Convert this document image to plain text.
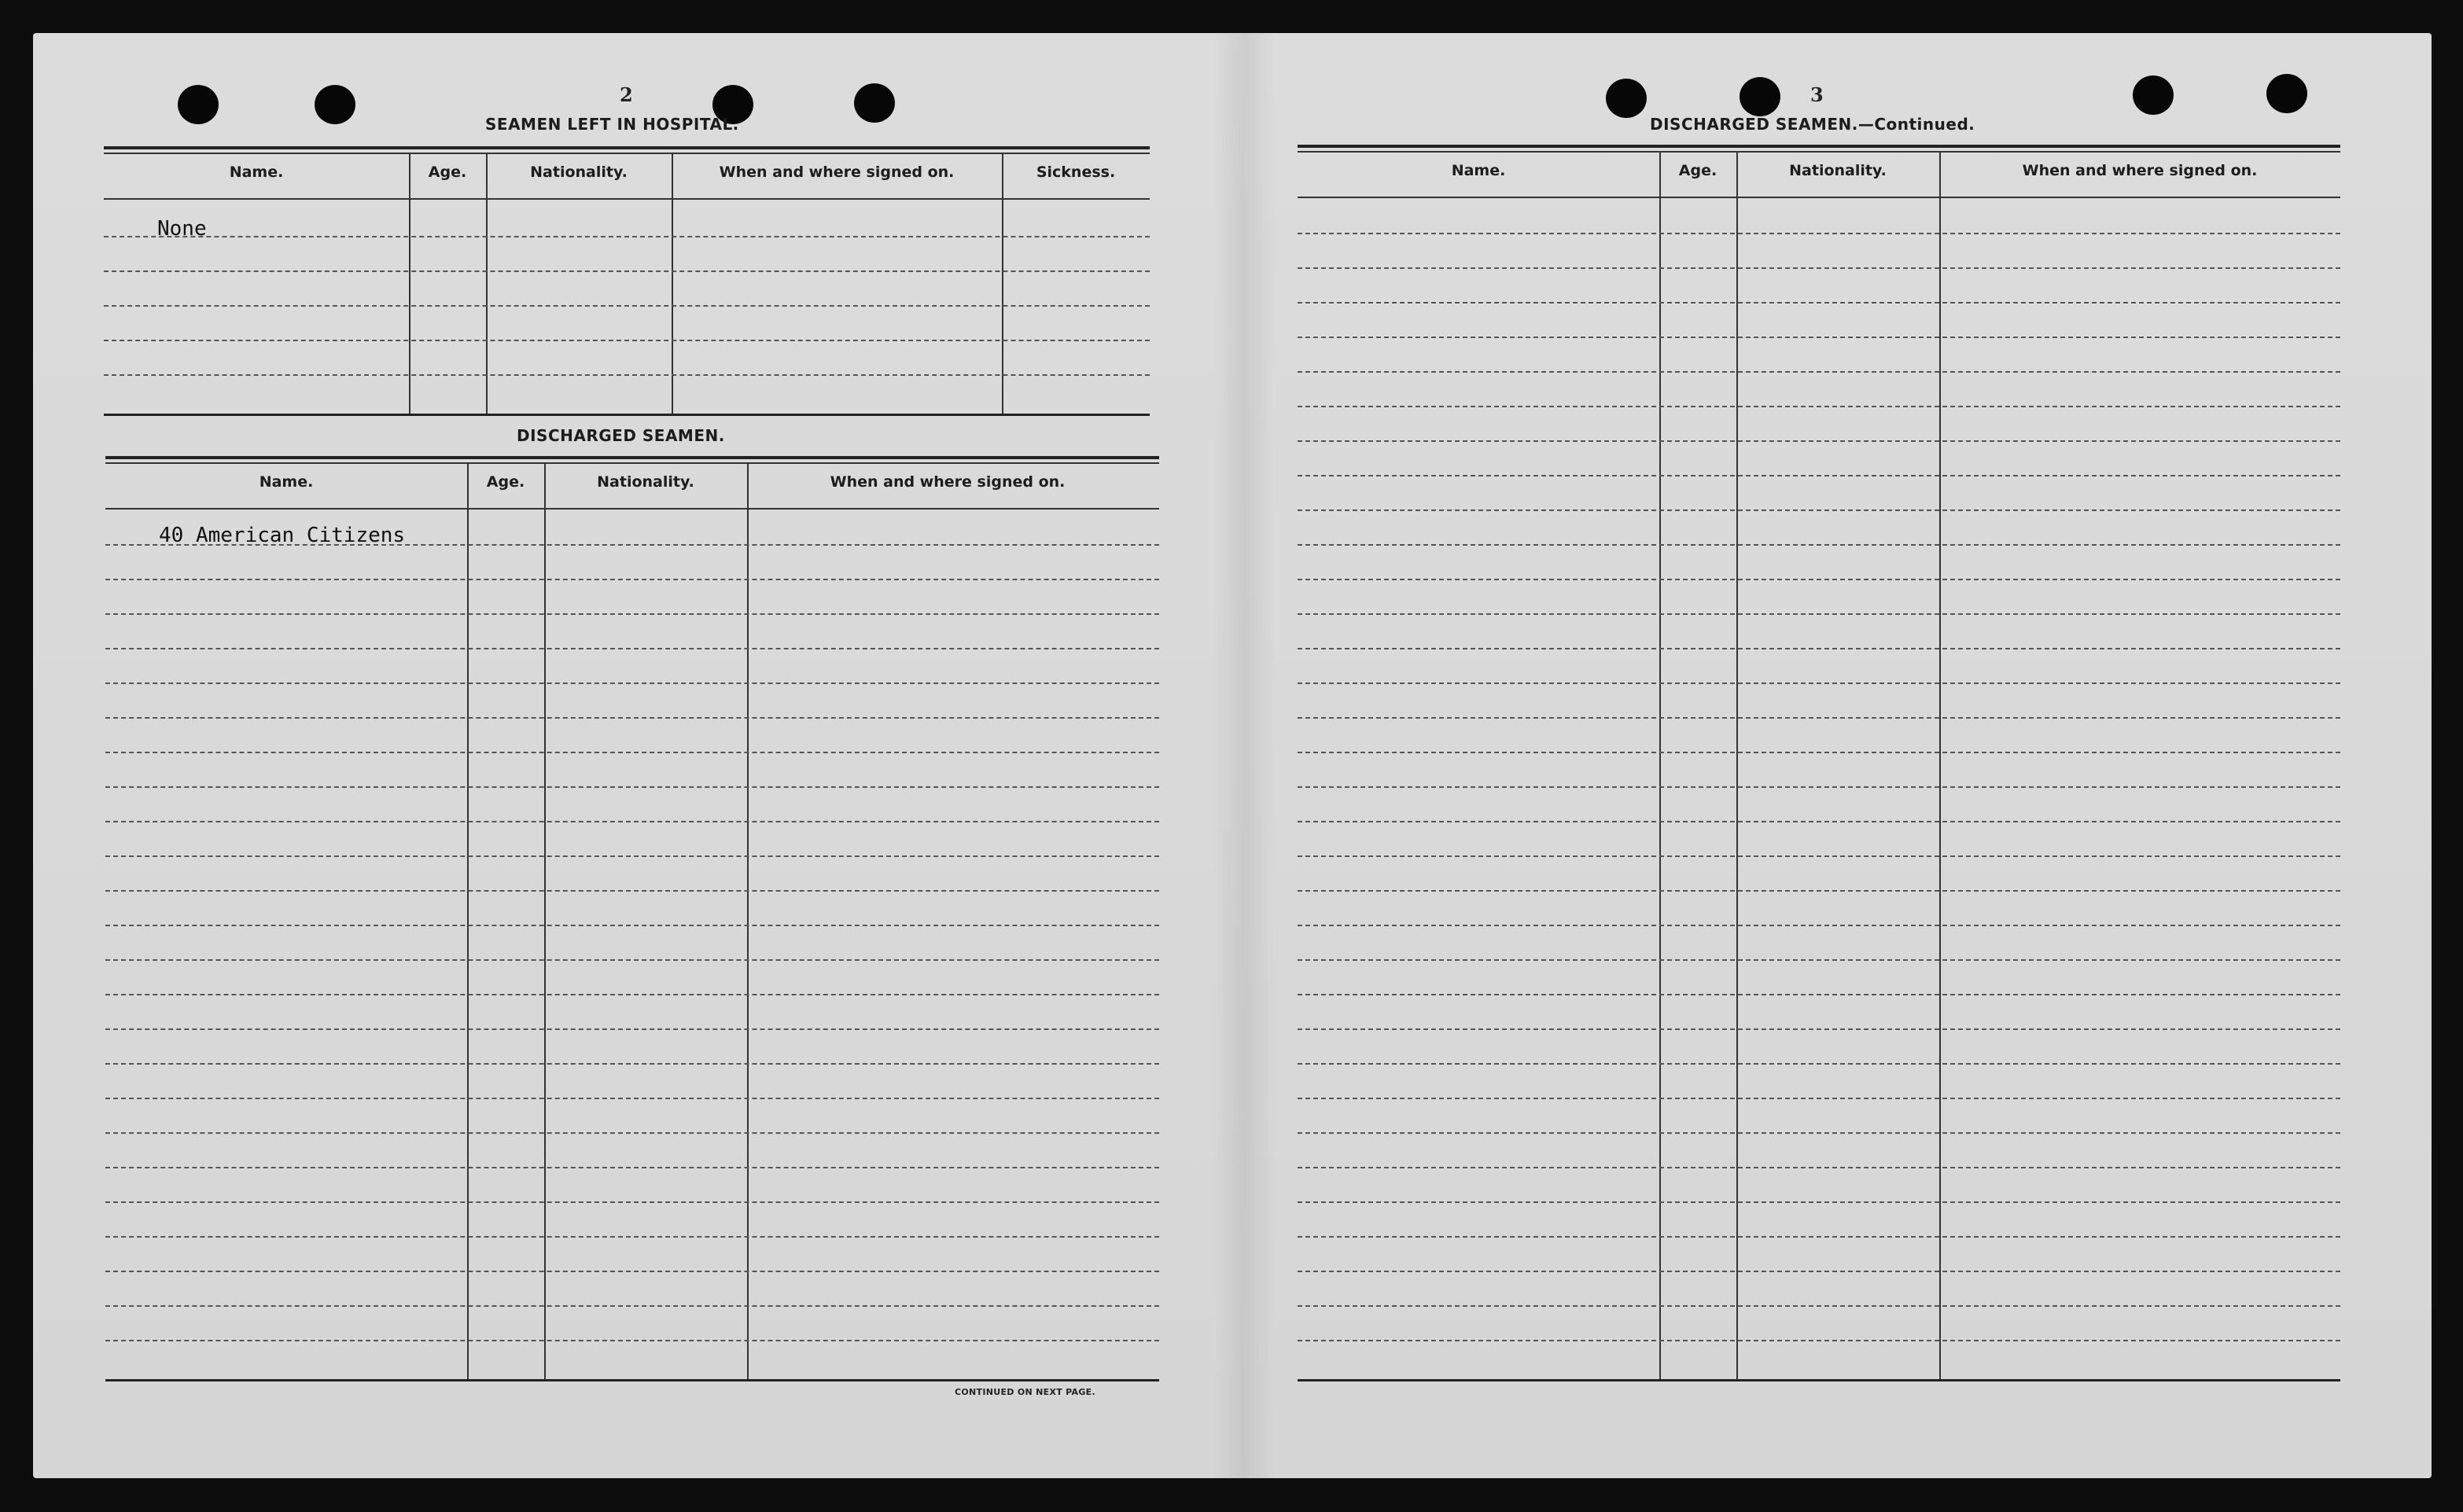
2
SEAMEN LEFT IN HOSPITAL.
Name.	Age.	Nationality.	When and where signed on.	Sickness.
None
DISCHARGED SEAMEN.
Name.	Age.	Nationality.	When and where signed on.
40 American Citizens
CONTINUED ON NEXT PAGE.
3
DISCHARGED SEAMEN.—Continued.
Name.	Age.	Nationality.	When and where signed on.
